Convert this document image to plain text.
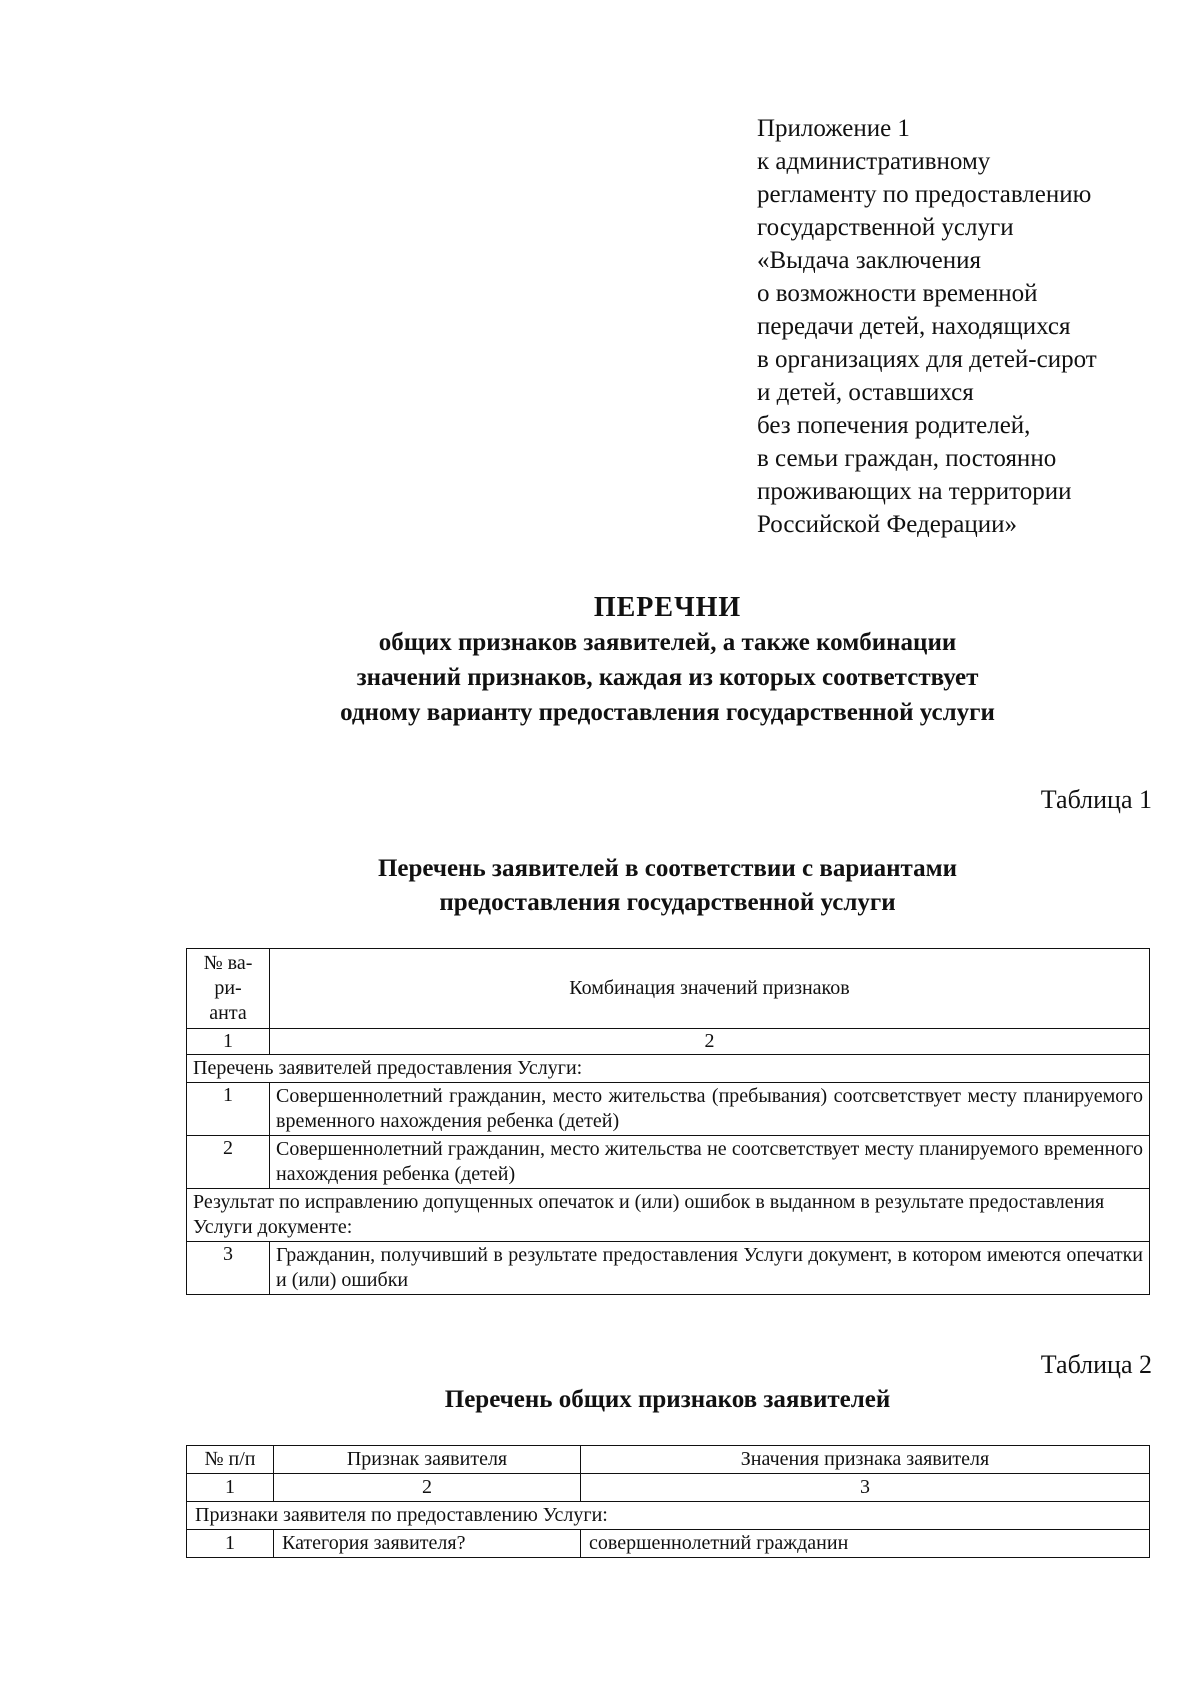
Приложение 1
к административному
регламенту по предоставлению
государственной услуги
«Выдача заключения
о возможности временной
передачи детей, находящихся
в организациях для детей-сирот
и детей, оставшихся
без попечения родителей,
в семьи граждан, постоянно
проживающих на территории
Российской Федерации»
ПЕРЕЧНИ
общих признаков заявителей, а также комбинации
значений признаков, каждая из которых соответствует
одному варианту предоставления государственной услуги
Таблица 1
Перечень заявителей в соответствии с вариантами
предоставления государственной услуги
№ ва-
ри-
анта	Комбинация значений признаков
1	2
Перечень заявителей предоставления Услуги:	
1	Совершеннолетний гражданин, место жительства (пребывания) соотсветствует месту планируемого временного нахождения ребенка (детей)
2	Совершеннолетний гражданин, место жительства не соотсветствует месту планируемого временного нахождения ребенка (детей)
Результат по исправлению допущенных опечаток и (или) ошибок в выданном в результате предоставления Услуги документе:	
3	Гражданин, получивший в результате предоставления Услуги документ, в котором имеются опечатки и (или) ошибки
Таблица 2
Перечень общих признаков заявителей
№ п/п	Признак заявителя	Значения признака заявителя
1	2	3
Признаки заявителя по предоставлению Услуги:		
1	Категория заявителя?	совершеннолетний гражданин
